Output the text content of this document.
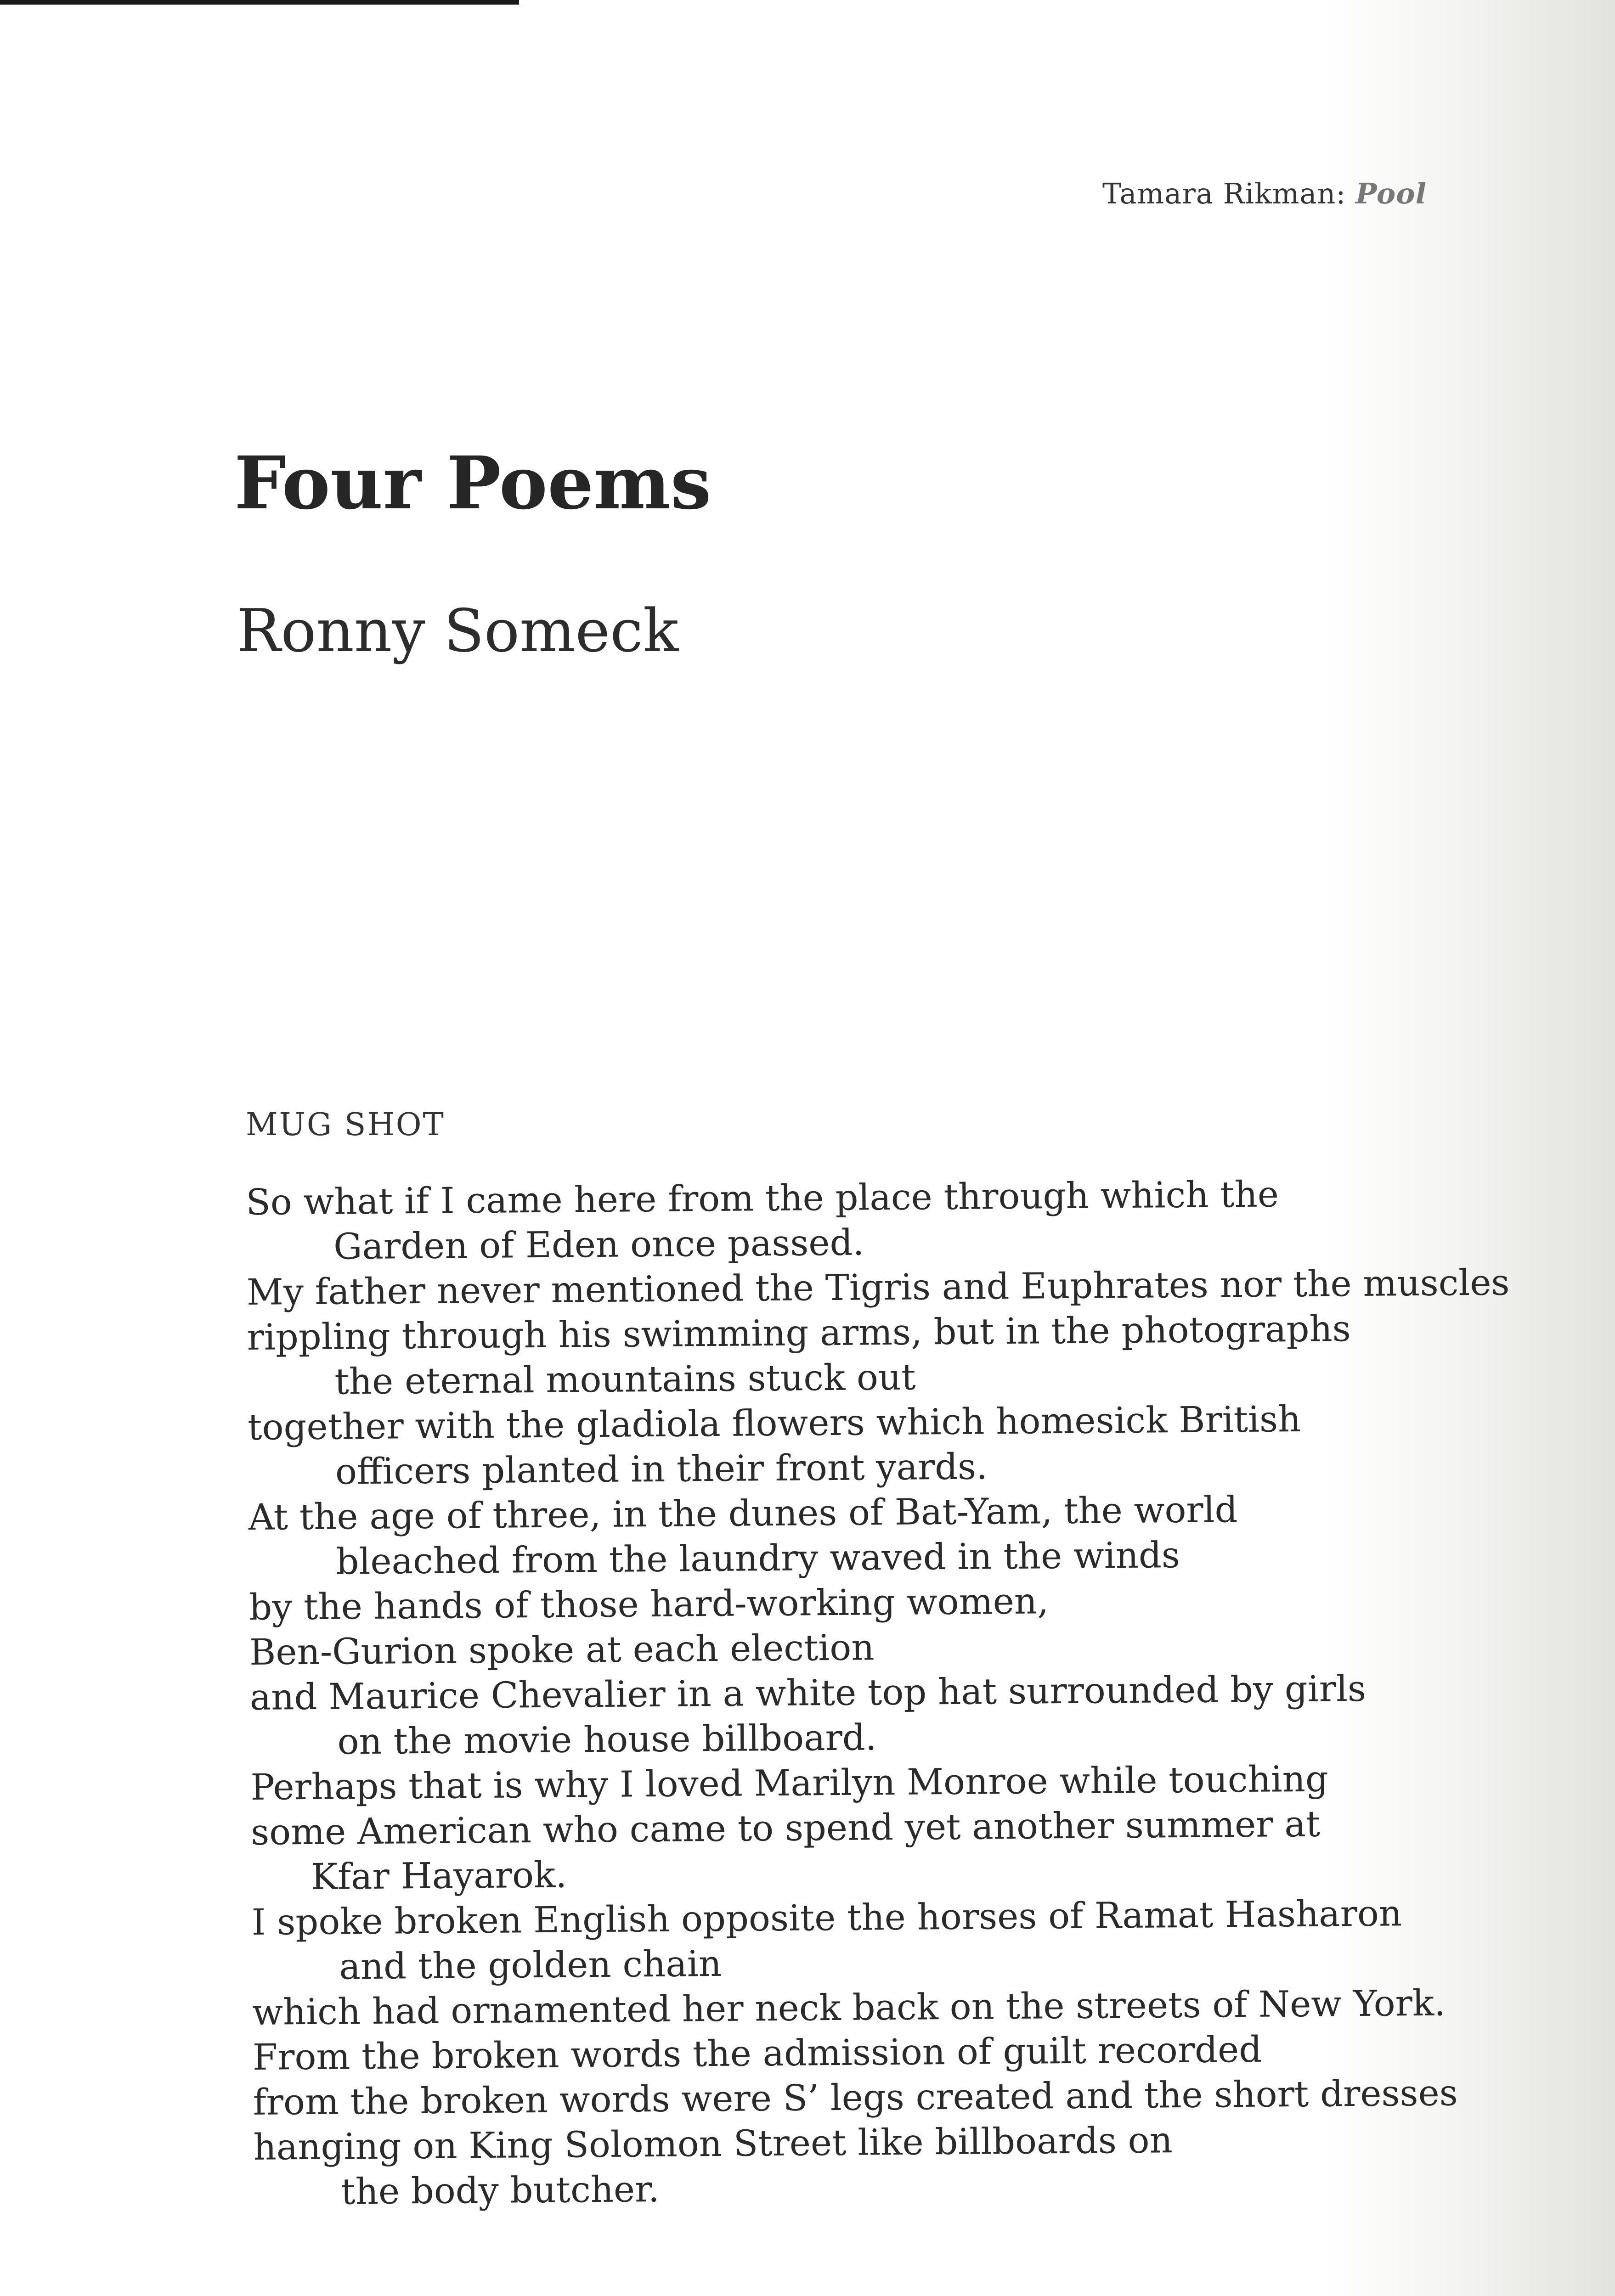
Tamara Rikman: Pool
Four Poems
Ronny Someck
MUG SHOT
So what if I came here from the place through which the
Garden of Eden once passed.
My father never mentioned the Tigris and Euphrates nor the muscles
rippling through his swimming arms, but in the photographs
the eternal mountains stuck out
together with the gladiola flowers which homesick British
officers planted in their front yards.
At the age of three, in the dunes of Bat-Yam, the world
bleached from the laundry waved in the winds
by the hands of those hard-working women,
Ben-Gurion spoke at each election
and Maurice Chevalier in a white top hat surrounded by girls
on the movie house billboard.
Perhaps that is why I loved Marilyn Monroe while touching
some American who came to spend yet another summer at
Kfar Hayarok.
I spoke broken English opposite the horses of Ramat Hasharon
and the golden chain
which had ornamented her neck back on the streets of New York.
From the broken words the admission of guilt recorded
from the broken words were S’ legs created and the short dresses
hanging on King Solomon Street like billboards on
the body butcher.
